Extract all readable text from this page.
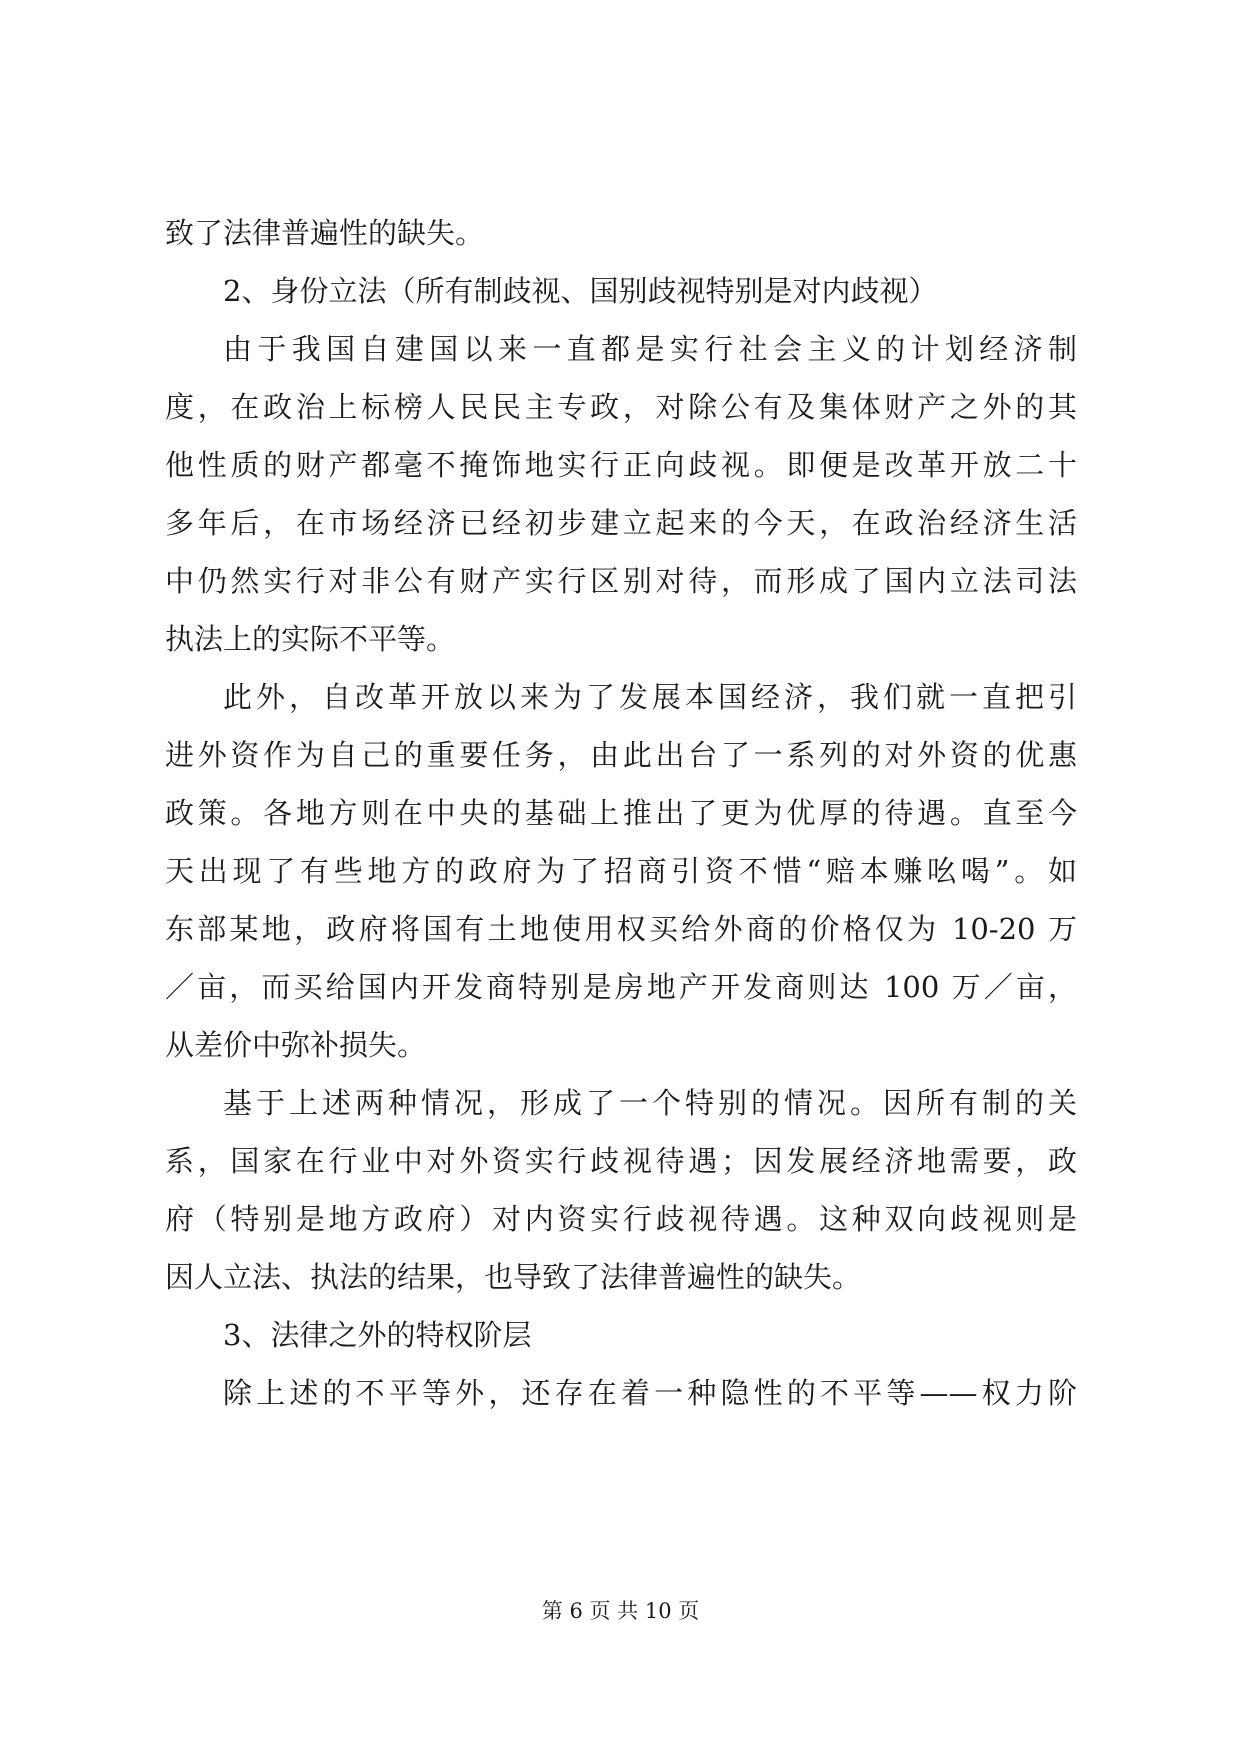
致了法律普遍性的缺失。
2、身份立法（所有制歧视、国别歧视特别是对内歧视）
由于我国自建国以来一直都是实行社会主义的计划经济制
度，在政治上标榜人民民主专政，对除公有及集体财产之外的其
他性质的财产都毫不掩饰地实行正向歧视。即便是改革开放二十
多年后，在市场经济已经初步建立起来的今天，在政治经济生活
中仍然实行对非公有财产实行区别对待，而形成了国内立法司法
执法上的实际不平等。
此外，自改革开放以来为了发展本国经济，我们就一直把引
进外资作为自己的重要任务，由此出台了一系列的对外资的优惠
政策。各地方则在中央的基础上推出了更为优厚的待遇。直至今
天出现了有些地方的政府为了招商引资不惜“赔本赚吆喝”。如
东部某地，政府将国有土地使用权买给外商的价格仅为 10-20 万
／亩，而买给国内开发商特别是房地产开发商则达 100 万／亩，
从差价中弥补损失。
基于上述两种情况，形成了一个特别的情况。因所有制的关
系，国家在行业中对外资实行歧视待遇；因发展经济地需要，政
府（特别是地方政府）对内资实行歧视待遇。这种双向歧视则是
因人立法、执法的结果，也导致了法律普遍性的缺失。
3、法律之外的特权阶层
除上述的不平等外，还存在着一种隐性的不平等——权力阶
第 6 页 共 10 页
